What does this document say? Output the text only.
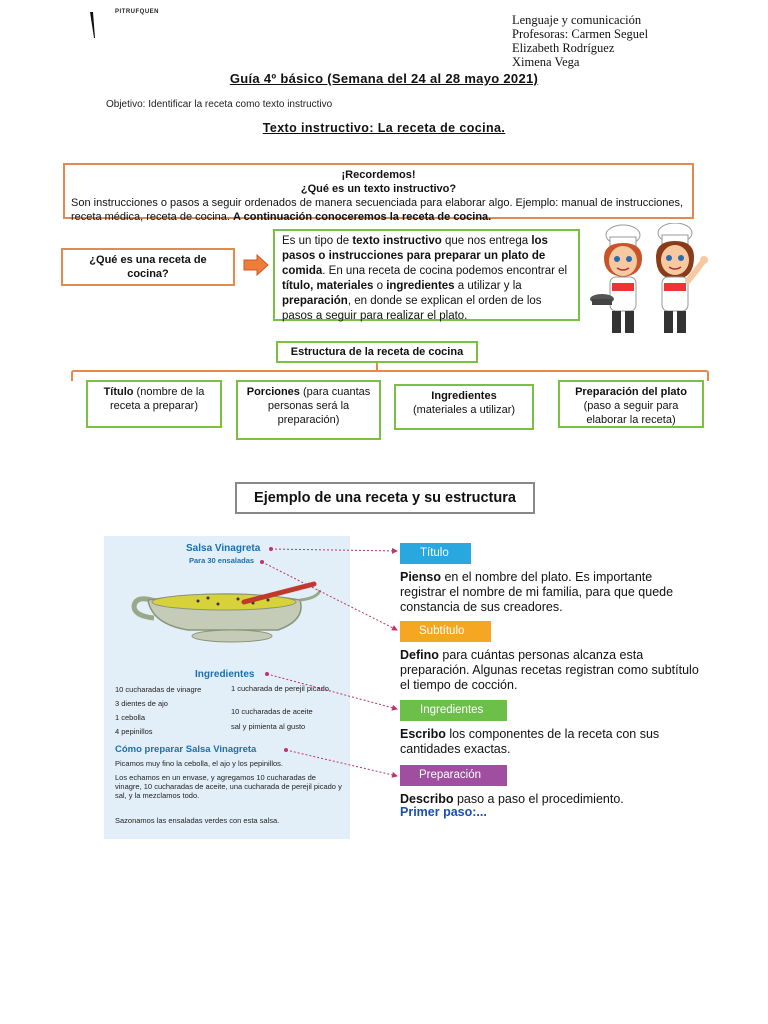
PITRUFQUEN
Lenguaje y comunicación
Profesoras: Carmen Seguel
Elizabeth Rodríguez
Ximena Vega
Guía 4º básico (Semana del 24 al 28 mayo 2021)
Objetivo: Identificar la receta como texto instructivo
Texto instructivo: La receta de cocina.
¡Recordemos!
¿Qué es un texto instructivo?
Son instrucciones o pasos a seguir ordenados de manera secuenciada para elaborar algo. Ejemplo: manual de instrucciones, receta médica, receta de cocina. A continuación conoceremos la receta de cocina.
¿Qué es una receta de cocina?
Es un tipo de texto instructivo que nos entrega los pasos o instrucciones para preparar un plato de comida. En una receta de cocina podemos encontrar el título, materiales o ingredientes a utilizar y la preparación, en donde se explican el orden de los pasos a seguir para realizar el plato.
Estructura de la receta de cocina
Título (nombre de la receta a preparar)
Porciones (para cuantas personas será la preparación)
Ingredientes
(materiales a utilizar)
Preparación del plato
(paso a seguir para elaborar la receta)
Ejemplo de una receta y su estructura
Salsa Vinagreta
Para 30 ensaladas
Ingredientes
10 cucharadas de vinagre
3 dientes de ajo
1 cebolla
4 pepinillos
1 cucharada de perejil picado.
10 cucharadas de aceite
sal y pimienta al gusto
Cómo preparar Salsa Vinagreta
Picamos muy fino la cebolla, el ajo y los pepinillos.
Los echamos en un envase, y agregamos 10 cucharadas de vinagre, 10 cucharadas de aceite, una cucharada de perejil picado y sal, y la mezclamos todo.
Sazonamos las ensaladas verdes con esta salsa.
Título
Pienso en el nombre del plato. Es importante registrar el nombre de mi familia, para que quede constancia de sus creadores.
Subtítulo
Defino para cuántas personas alcanza esta preparación. Algunas recetas registran como subtítulo el tiempo de cocción.
Ingredientes
Escribo los componentes de la receta con sus cantidades exactas.
Preparación
Describo paso a paso el procedimiento.
Primer paso:...
